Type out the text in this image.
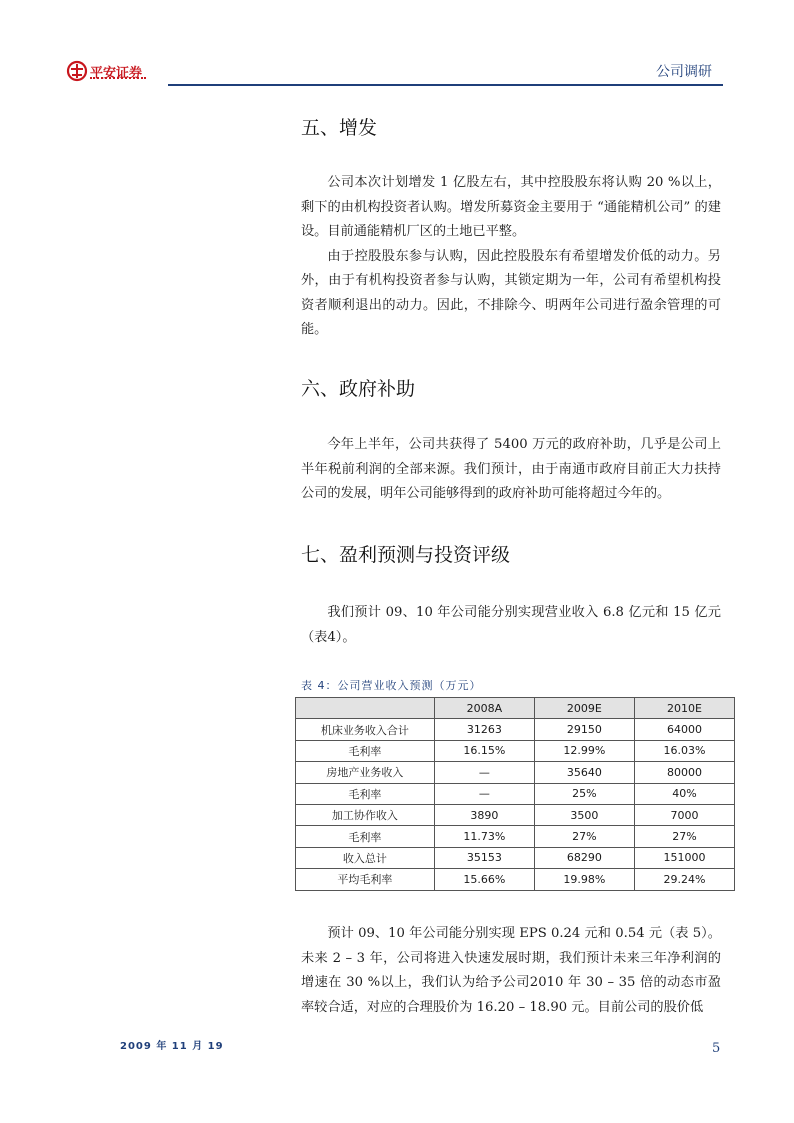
平安证券	公司调研
五、增发

公司本次计划增发 1 亿股左右，其中控股股东将认购 20 %以上，剩下的由机构投资者认购。增发所募资金主要用于 “通能精机公司” 的建设。目前通能精机厂区的土地已平整。

由于控股股东参与认购，因此控股股东有希望增发价低的动力。另外，由于有机构投资者参与认购，其锁定期为一年，公司有希望机构投资者顺利退出的动力。因此，不排除今、明两年公司进行盈余管理的可能。

六、政府补助

今年上半年，公司共获得了 5400 万元的政府补助，几乎是公司上半年税前利润的全部来源。我们预计，由于南通市政府目前正大力扶持公司的发展，明年公司能够得到的政府补助可能将超过今年的。

七、盈利预测与投资评级

我们预计 09、10 年公司能分别实现营业收入 6.8 亿元和 15 亿元（表4）。

表 4：公司营业收入预测（万元）
	2008A	2009E	2010E
机床业务收入合计	31263	29150	64000
毛利率	16.15%	12.99%	16.03%
房地产业务收入	—	35640	80000
毛利率	—	25%	40%
加工协作收入	3890	3500	7000
毛利率	11.73%	27%	27%
收入总计	35153	68290	151000
平均毛利率	15.66%	19.98%	29.24%

预计 09、10 年公司能分别实现 EPS 0.24 元和 0.54 元（表 5）。未来 2 – 3 年，公司将进入快速发展时期，我们预计未来三年净利润的增速在 30 %以上，我们认为给予公司2010 年 30 – 35 倍的动态市盈率较合适，对应的合理股价为 16.20 – 18.90 元。目前公司的股价低

2009 年 11 月 19	5
